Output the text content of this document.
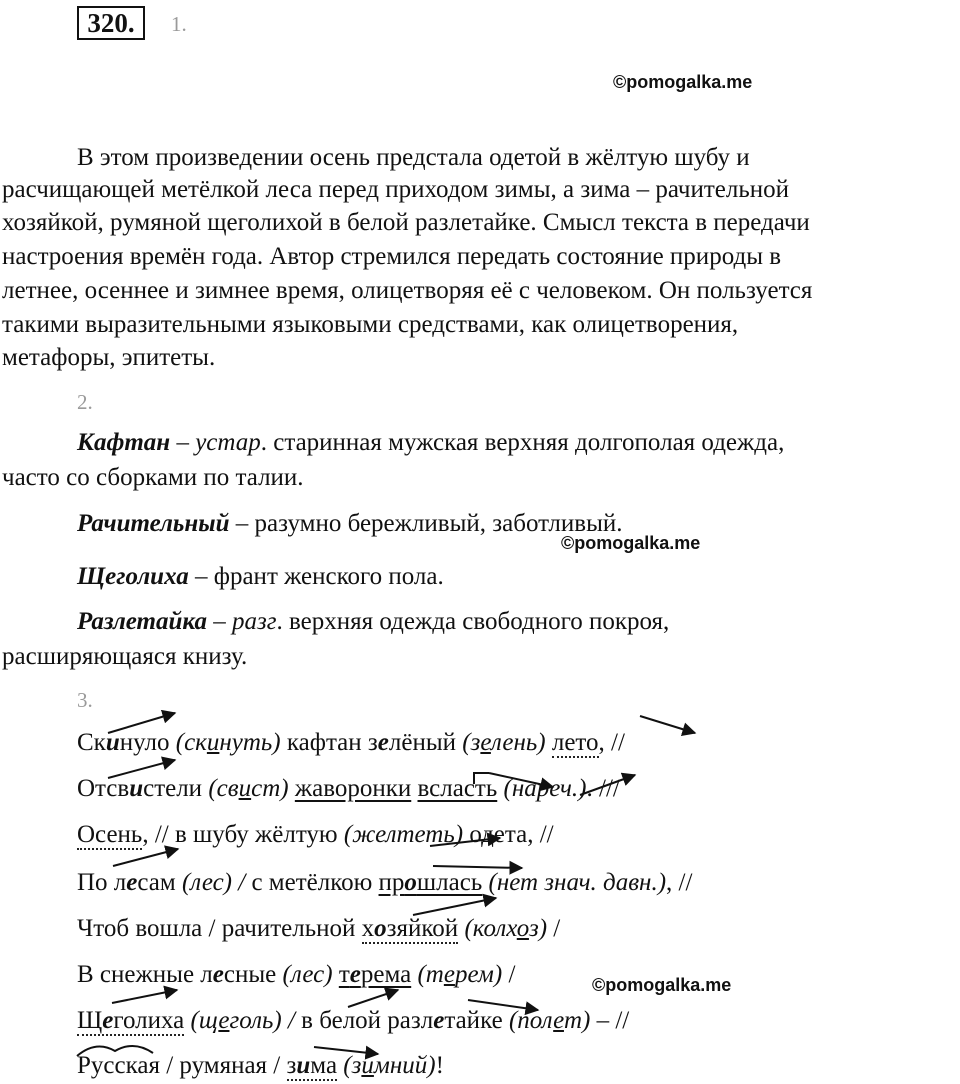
320.	1.
©pomogalka.me
В этом произведении осень предстала одетой в жёлтую шубу и
расчищающей метёлкой леса перед приходом зимы, а зима – рачительной
хозяйкой, румяной щеголихой в белой разлетайке. Смысл текста в передачи
настроения времён года. Автор стремился передать состояние природы в
летнее, осеннее и зимнее время, олицетворяя её с человеком. Он пользуется
такими выразительными языковыми средствами, как олицетворения,
метафоры, эпитеты.
2.
Кафтан – устар. старинная мужская верхняя долгополая одежда,
часто со сборками по талии.
Рачительный – разумно бережливый, заботливый.
©pomogalka.me
Щеголиха – франт женского пола.
Разлетайка – разг. верхняя одежда свободного покроя,
расширяющаяся книзу.
3.
Скинуло (скинуть) кафтан зелёный (зелень) лето, //
Отсвистели (свист) жаворонки всласть (нареч.). ///
Осень, // в шубу жёлтую (желтеть) одета, //
По лесам (лес) / с метёлкою прошлась (нет знач. давн.), //
Чтоб вошла / рачительной хозяйкой (колхоз) /
В снежные лесные (лес) терема (терем) /	©pomogalka.me
Щеголиха (щеголь) / в белой разлетайке (полет) – //
Русская / румяная / зима (зимний)!
